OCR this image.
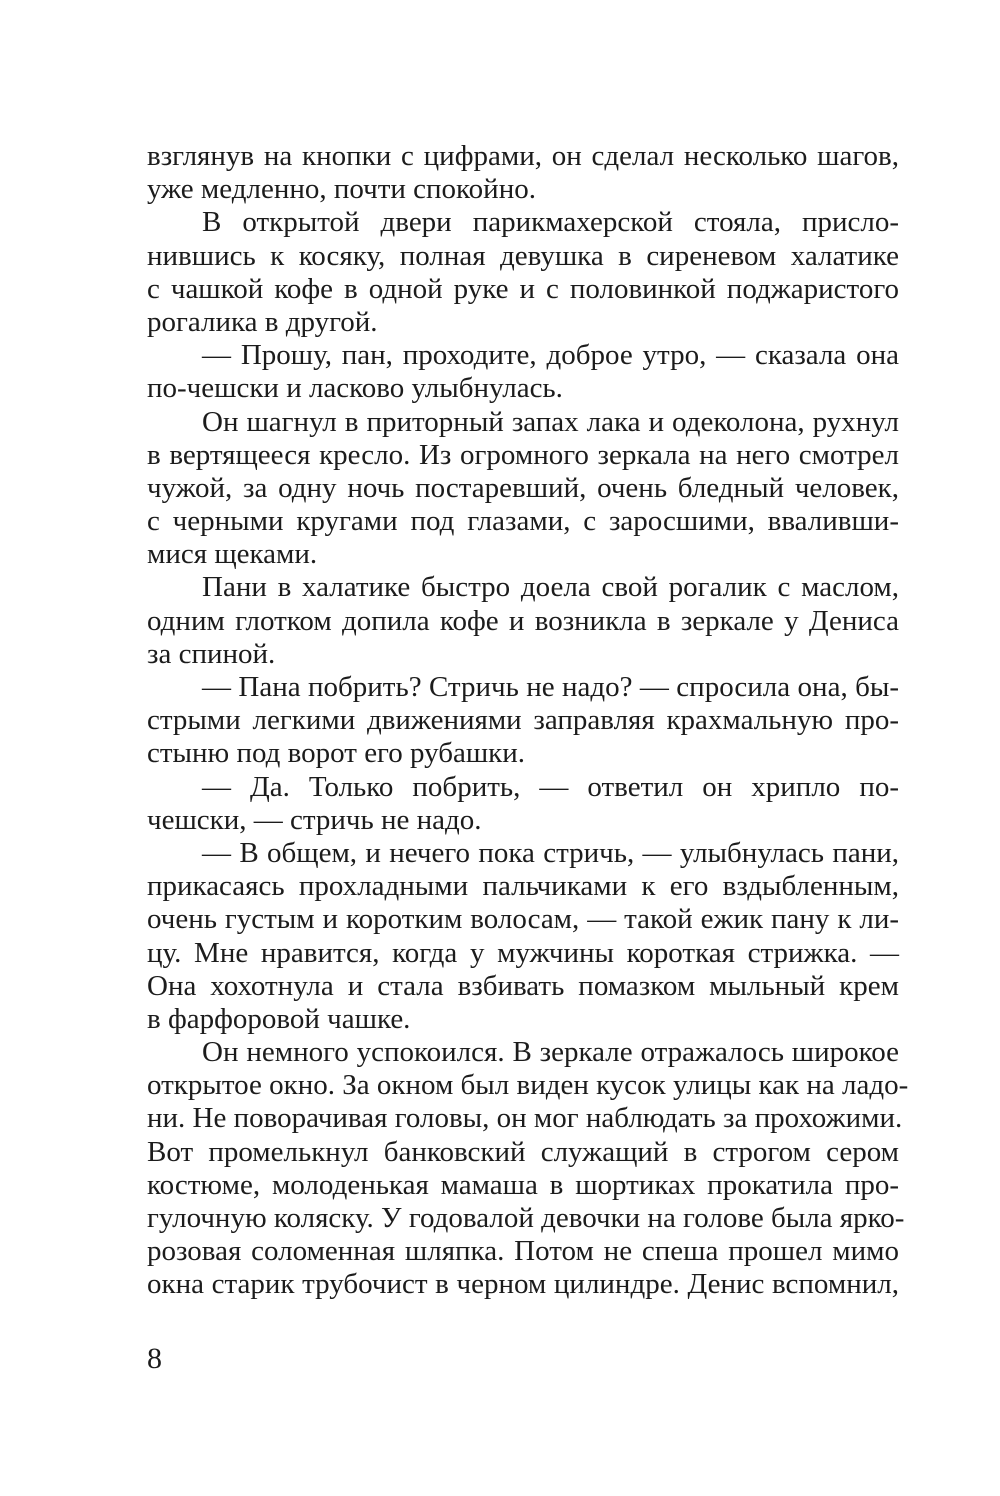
взглянув на кнопки с цифрами, он сделал несколько шагов,
уже медленно, почти спокойно.
В открытой двери парикмахерской стояла, присло-
нившись к косяку, полная девушка в сиреневом халатике
с чашкой кофе в одной руке и с половинкой поджаристого
рогалика в другой.
— Прошу, пан, проходите, доброе утро, — сказала она
по-чешски и ласково улыбнулась.
Он шагнул в приторный запах лака и одеколона, рухнул
в вертящееся кресло. Из огромного зеркала на него смотрел
чужой, за одну ночь постаревший, очень бледный человек,
с черными кругами под глазами, с заросшими, вваливши-
мися щеками.
Пани в халатике быстро доела свой рогалик с маслом,
одним глотком допила кофе и возникла в зеркале у Дениса
за спиной.
— Пана побрить? Стричь не надо? — спросила она, бы-
стрыми легкими движениями заправляя крахмальную про-
стыню под ворот его рубашки.
— Да. Только побрить, — ответил он хрипло по-
чешски, — стричь не надо.
— В общем, и нечего пока стричь, — улыбнулась пани,
прикасаясь прохладными пальчиками к его вздыбленным,
очень густым и коротким волосам, — такой ежик пану к ли-
цу. Мне нравится, когда у мужчины короткая стрижка. —
Она хохотнула и стала взбивать помазком мыльный крем
в фарфоровой чашке.
Он немного успокоился. В зеркале отражалось широкое
открытое окно. За окном был виден кусок улицы как на ладо-
ни. Не поворачивая головы, он мог наблюдать за прохожими.
Вот промелькнул банковский служащий в строгом сером
костюме, молоденькая мамаша в шортиках прокатила про-
гулочную коляску. У годовалой девочки на голове была ярко-
розовая соломенная шляпка. Потом не спеша прошел мимо
окна старик трубочист в черном цилиндре. Денис вспомнил,
8
